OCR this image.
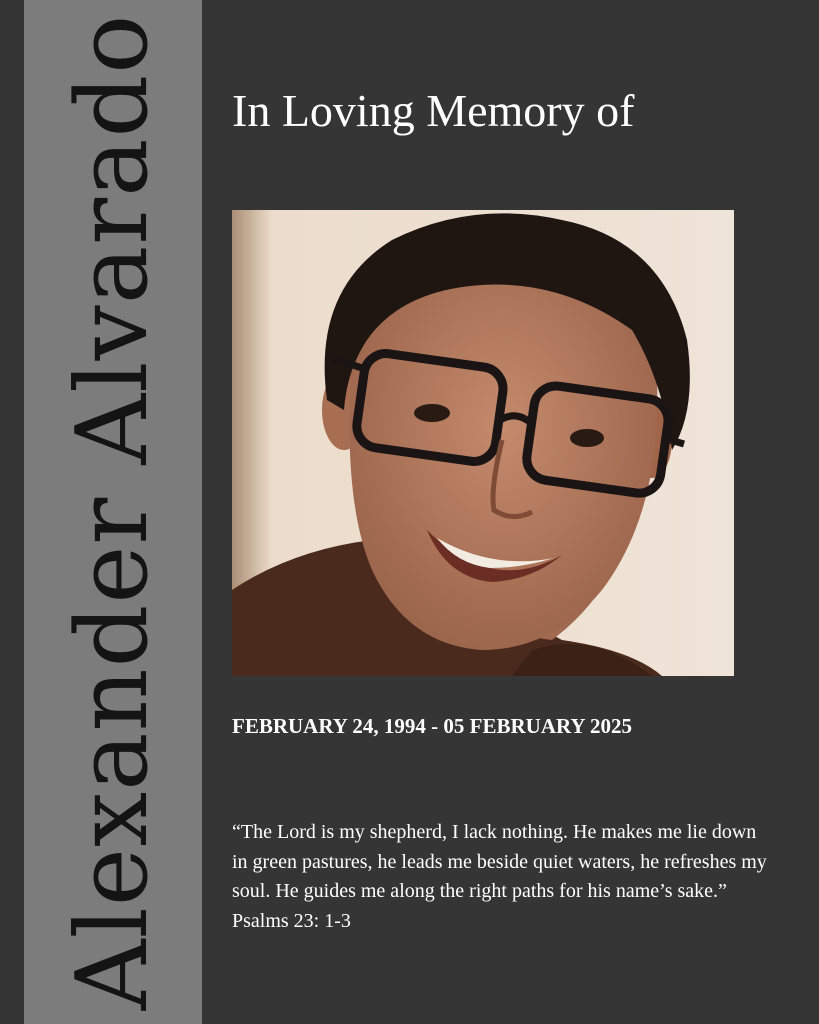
Alexander Alvarado In Loving Memory of
FEBRUARY 24, 1994 - 05 FEBRUARY 2025
“The Lord is my shepherd, I lack nothing. He makes me lie down in green pastures, he leads me beside quiet waters, he refreshes my soul. He guides me along the right paths for his name’s sake.” Psalms 23: 1-3
